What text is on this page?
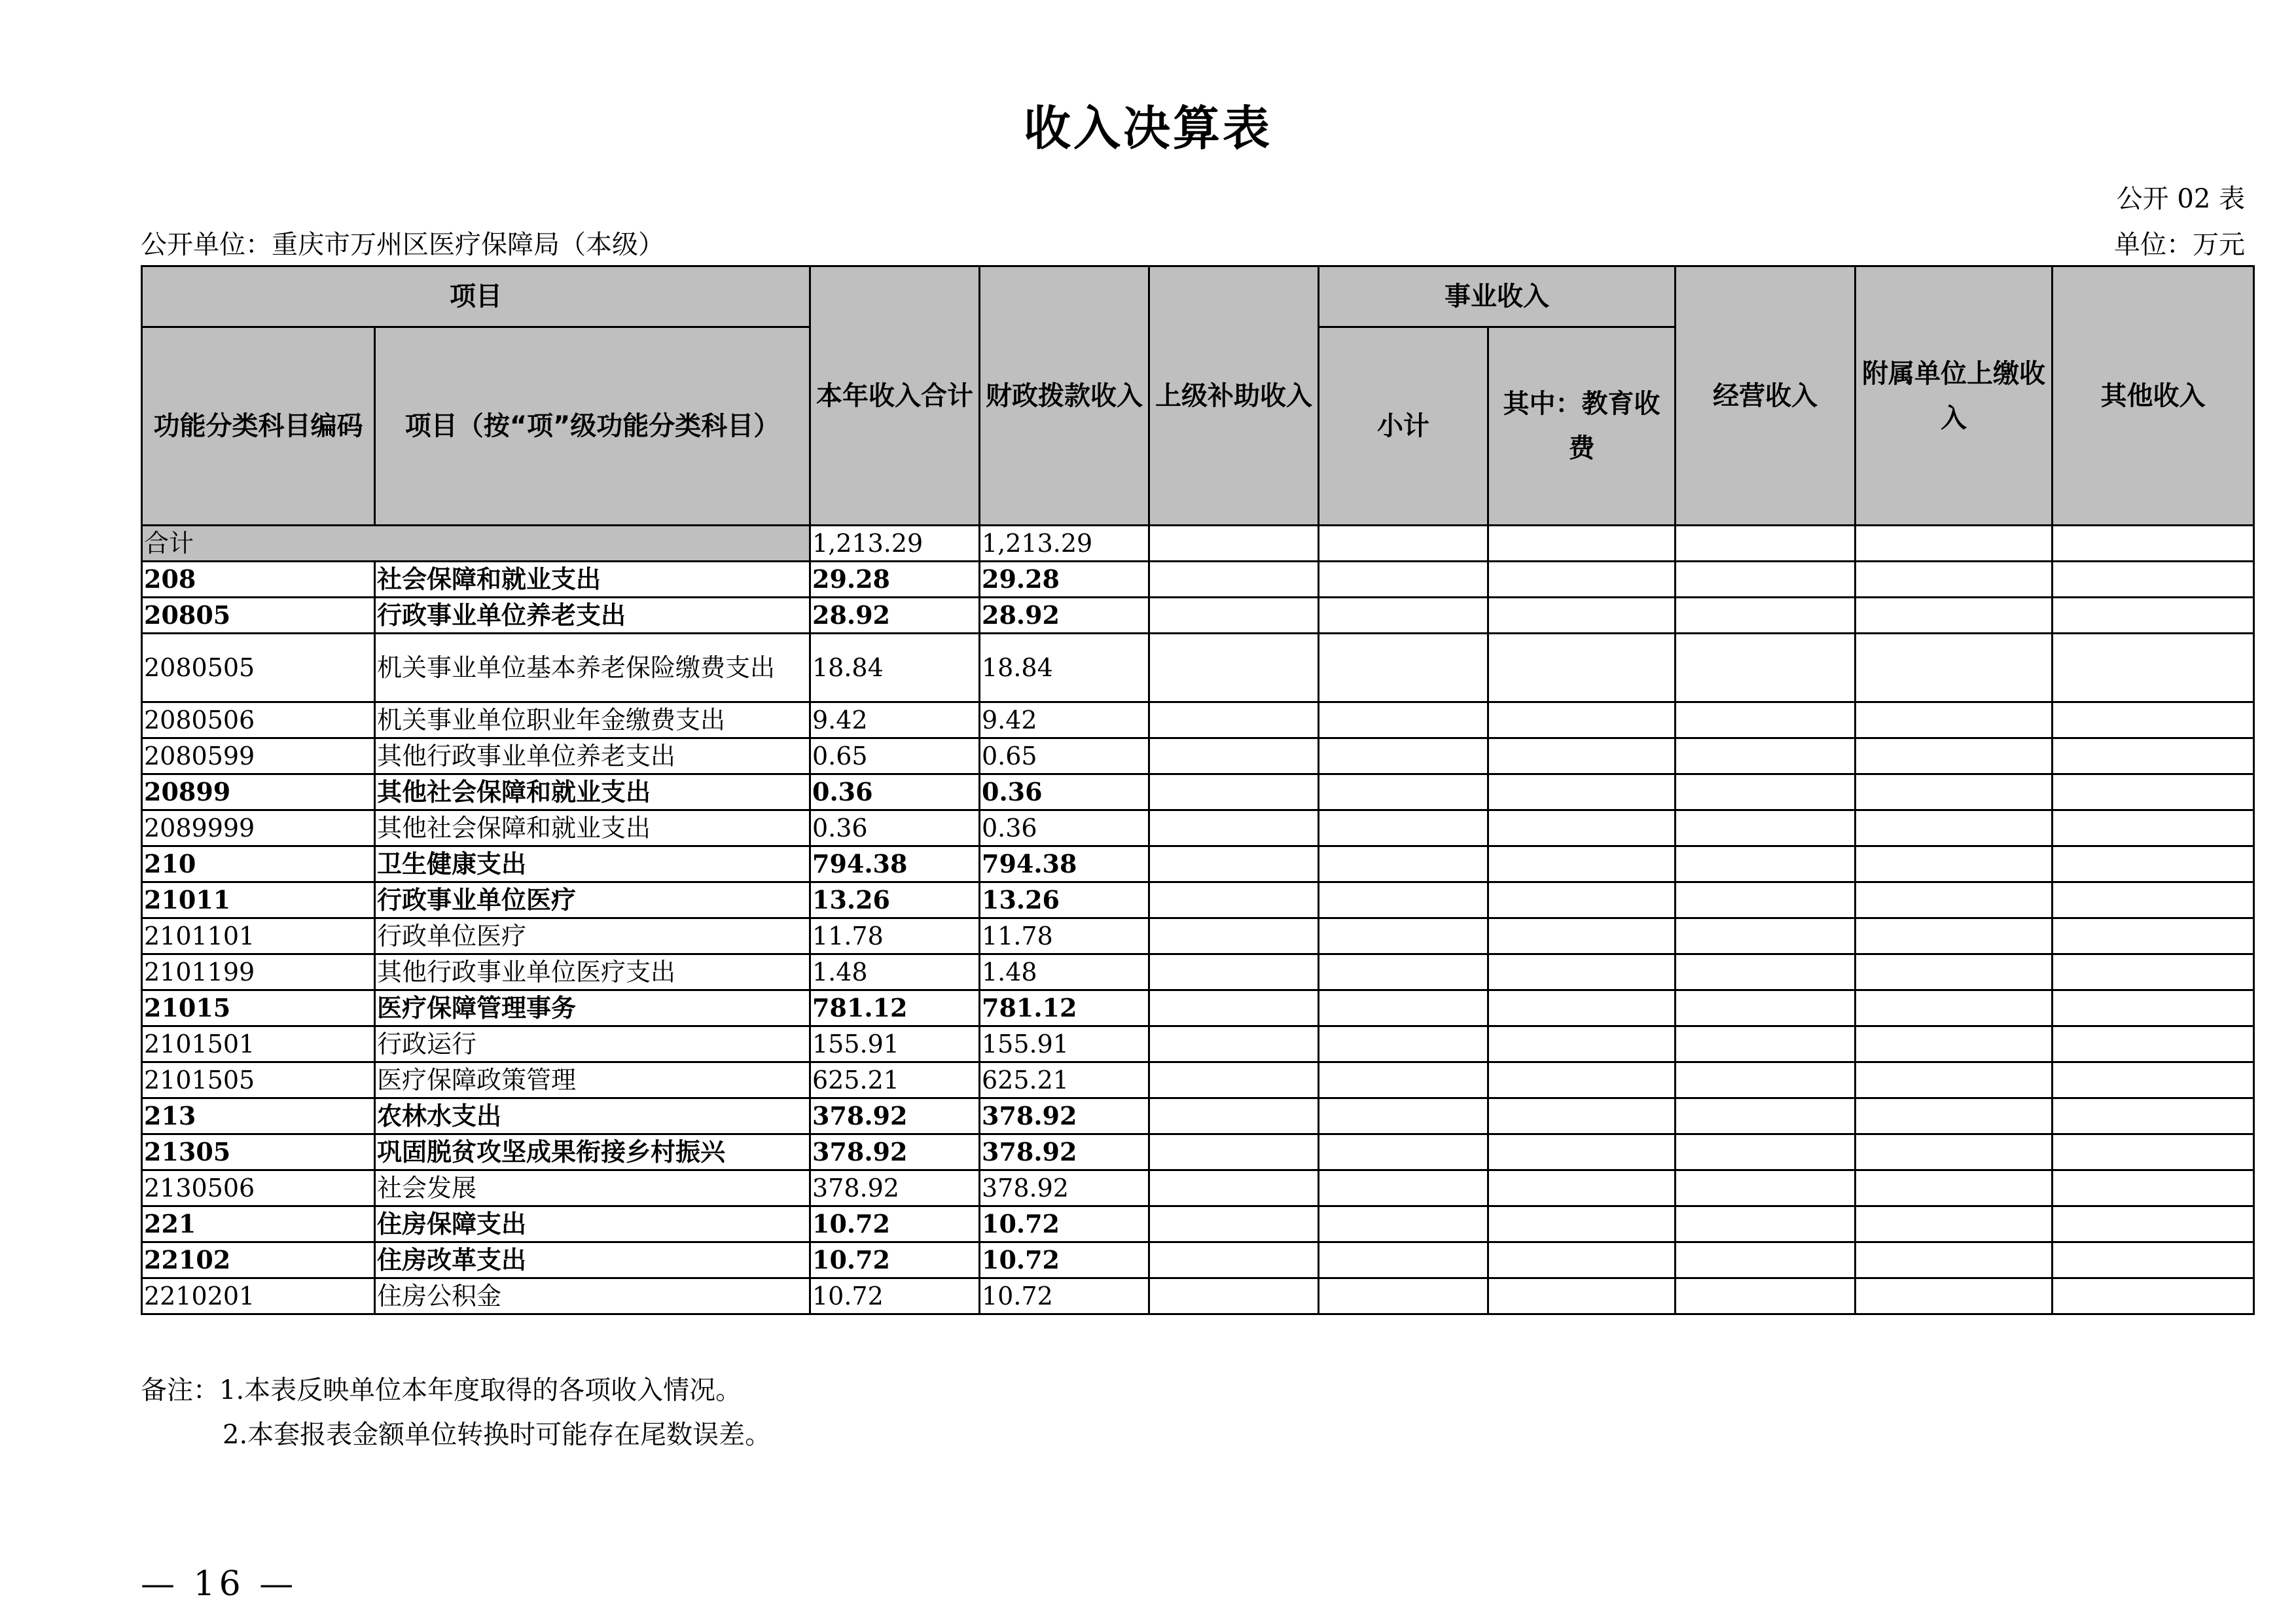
收入决算表
公开 02 表
公开单位：重庆市万州区医疗保障局（本级）	单位：万元
项目		本年收入合计	财政拨款收入	上级补助收入	事业收入		经营收入	附属单位上缴收入	其他收入
功能分类科目编码	项目（按“项”级功能分类科目）				小计	其中：教育收费			
合计		1,213.29	1,213.29						
208	社会保障和就业支出	29.28	29.28						
20805	行政事业单位养老支出	28.92	28.92						
2080505	机关事业单位基本养老保险缴费支出	18.84	18.84						
2080506	机关事业单位职业年金缴费支出	9.42	9.42						
2080599	其他行政事业单位养老支出	0.65	0.65						
20899	其他社会保障和就业支出	0.36	0.36						
2089999	其他社会保障和就业支出	0.36	0.36						
210	卫生健康支出	794.38	794.38						
21011	行政事业单位医疗	13.26	13.26						
2101101	行政单位医疗	11.78	11.78						
2101199	其他行政事业单位医疗支出	1.48	1.48						
21015	医疗保障管理事务	781.12	781.12						
2101501	行政运行	155.91	155.91						
2101505	医疗保障政策管理	625.21	625.21						
213	农林水支出	378.92	378.92						
21305	巩固脱贫攻坚成果衔接乡村振兴	378.92	378.92						
2130506	社会发展	378.92	378.92						
221	住房保障支出	10.72	10.72						
22102	住房改革支出	10.72	10.72						
2210201	住房公积金	10.72	10.72						
备注：1.本表反映单位本年度取得的各项收入情况。
2.本套报表金额单位转换时可能存在尾数误差。
— 16 —
